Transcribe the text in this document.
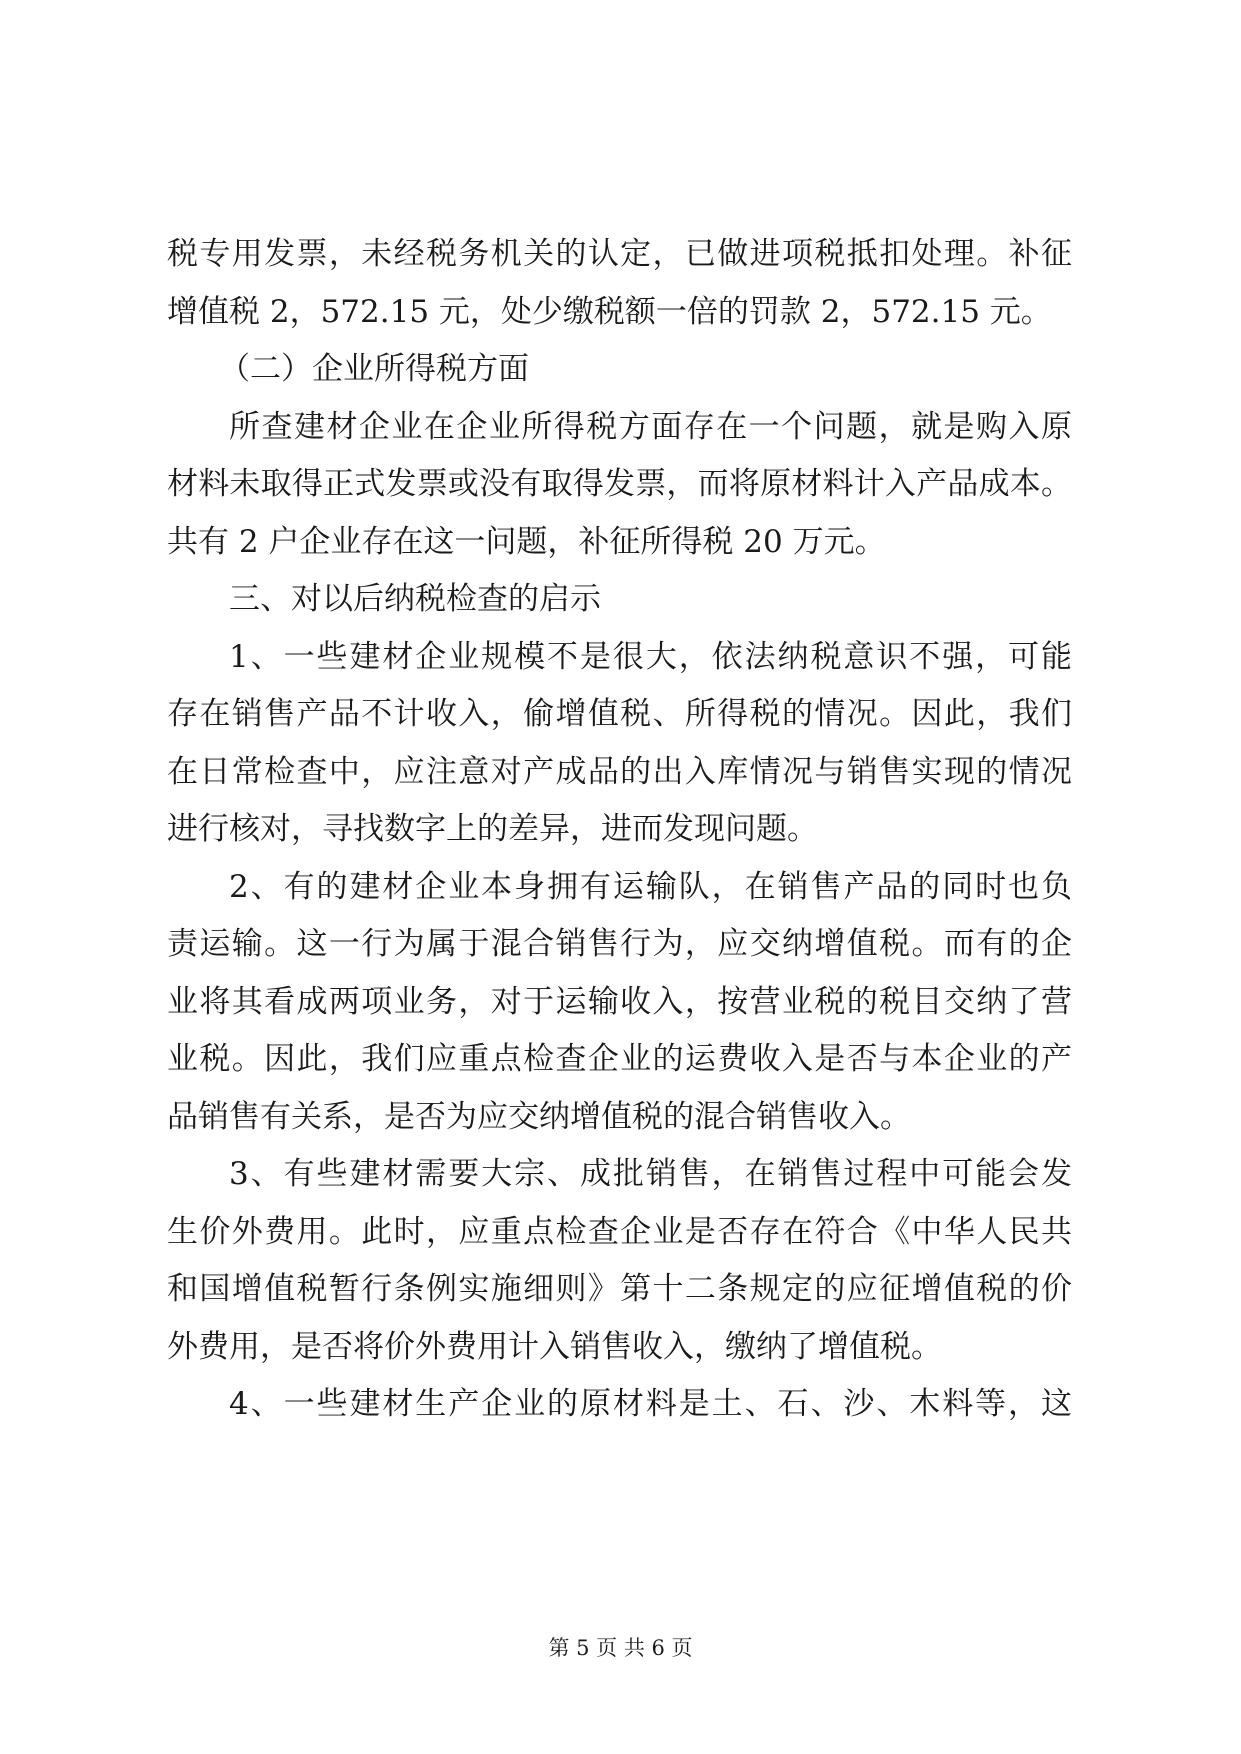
税专用发票，未经税务机关的认定，已做进项税抵扣处理。补征
增值税 2，572.15 元，处少缴税额一倍的罚款 2，572.15 元。
（二）企业所得税方面
所查建材企业在企业所得税方面存在一个问题，就是购入原
材料未取得正式发票或没有取得发票，而将原材料计入产品成本。
共有 2 户企业存在这一问题，补征所得税 20 万元。
三、对以后纳税检查的启示
1、一些建材企业规模不是很大，依法纳税意识不强，可能
存在销售产品不计收入，偷增值税、所得税的情况。因此，我们
在日常检查中，应注意对产成品的出入库情况与销售实现的情况
进行核对，寻找数字上的差异，进而发现问题。
2、有的建材企业本身拥有运输队，在销售产品的同时也负
责运输。这一行为属于混合销售行为，应交纳增值税。而有的企
业将其看成两项业务，对于运输收入，按营业税的税目交纳了营
业税。因此，我们应重点检查企业的运费收入是否与本企业的产
品销售有关系，是否为应交纳增值税的混合销售收入。
3、有些建材需要大宗、成批销售，在销售过程中可能会发
生价外费用。此时，应重点检查企业是否存在符合《中华人民共
和国增值税暂行条例实施细则》第十二条规定的应征增值税的价
外费用，是否将价外费用计入销售收入，缴纳了增值税。
4、一些建材生产企业的原材料是土、石、沙、木料等，这
第 5 页 共 6 页
